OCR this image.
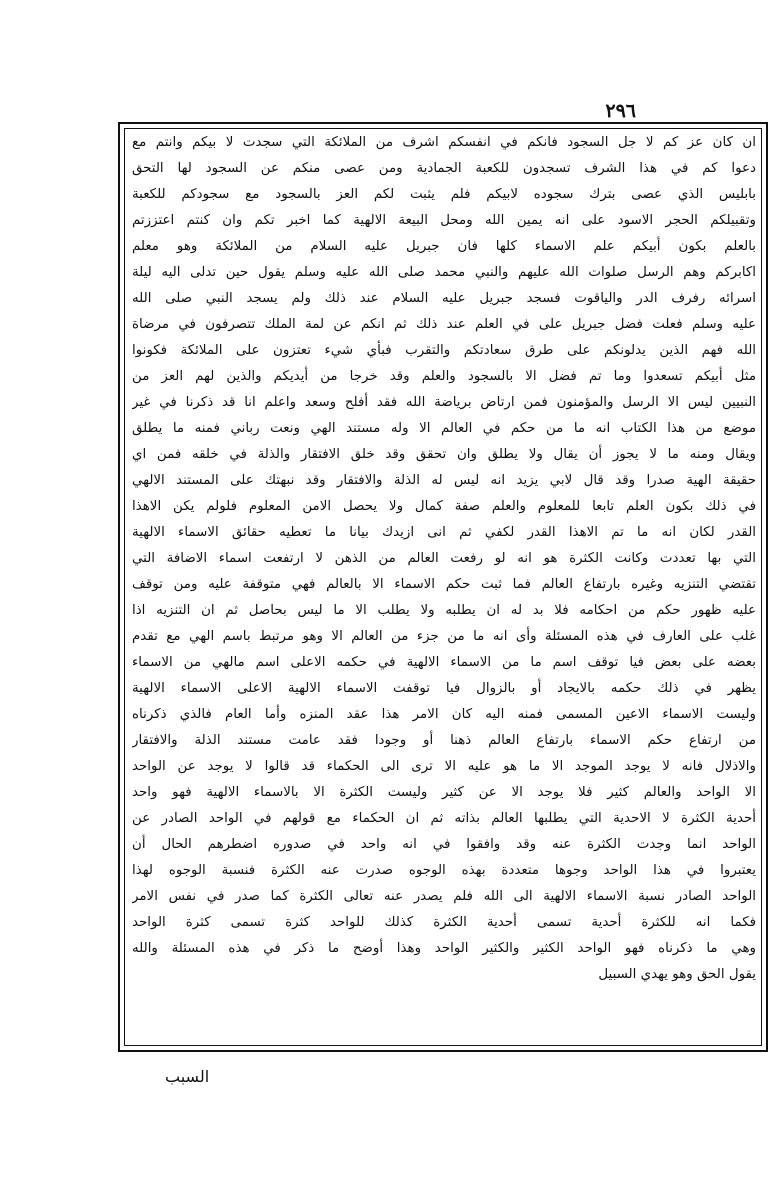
٢٩٦
ان كان عز كم لا جل السجود فانكم في انفسكم اشرف من الملائكة التي سجدت لا بيكم وانتم مع
دعوا كم في هذا الشرف تسجدون للكعبة الجمادية ومن عصى منكم عن السجود لها التحق
بابليس الذي عصى بترك سجوده لابيكم فلم يثبت لكم العز بالسجود مع سجودكم للكعبة
وتقبيلكم الحجر الاسود على انه يمين الله ومحل البيعة الالهية كما اخبر تكم وان كنتم اعتززتم
بالعلم بكون أبيكم علم الاسماء كلها فان جبريل عليه السلام من الملائكة وهو معلم
اكابركم وهم الرسل صلوات الله عليهم والنبي محمد صلى الله عليه وسلم يقول حين تدلى اليه ليلة
اسرائه رفرف الدر والياقوت فسجد جبريل عليه السلام عند ذلك ولم يسجد النبي صلى الله
عليه وسلم فعلت فضل جبريل على في العلم عند ذلك ثم انكم عن لمة الملك تتصرفون في مرضاة
الله فهم الذين يدلونكم على طرق سعادتكم والتقرب فبأي شيء تعتزون على الملائكة فكونوا
مثل أبيكم تسعدوا وما تم فضل الا بالسجود والعلم وقد خرجا من أيديكم والذين لهم العز من
النبيين ليس الا الرسل والمؤمنون فمن ارتاض برياضة الله فقد أفلح وسعد واعلم انا قد ذكرنا في غير
موضع من هذا الكتاب انه ما من حكم في العالم الا وله مستند الهي ونعت رباني فمنه ما يطلق
ويقال ومنه ما لا يجوز أن يقال ولا يطلق وان تحقق وقد خلق الافتقار والذلة في خلقه فمن اي
حقيقة الهية صدرا وقد قال لابي يزيد انه ليس له الذلة والافتقار وقد نبهتك على المستند الالهي
في ذلك بكون العلم تابعا للمعلوم والعلم صفة كمال ولا يحصل الامن المعلوم فلولم يكن الاهذا
القدر لكان انه ما تم الاهذا القدر لكفي ثم انى ازيدك بيانا ما تعطيه حقائق الاسماء الالهية
التي بها تعددت وكانت الكثرة هو انه لو رفعت العالم من الذهن لا ارتفعت اسماء الاضافة التي
تقتضي التنزيه وغيره بارتفاع العالم فما ثبت حكم الاسماء الا بالعالم فهي متوقفة عليه ومن توقف
عليه ظهور حكم من احكامه فلا بد له ان يطلبه ولا يطلب الا ما ليس بحاصل ثم ان التنزيه اذا
غلب على العارف في هذه المسئلة وأى انه ما من جزء من العالم الا وهو مرتبط باسم الهي مع تقدم
بعضه على بعض فيا توقف اسم ما من الاسماء الالهية في حكمه الاعلى اسم مالهي من الاسماء
يظهر في ذلك حكمه بالايجاد أو بالزوال فيا توقفت الاسماء الالهية الاعلى الاسماء الالهية
وليست الاسماء الاعين المسمى فمنه اليه كان الامر هذا عقد المنزه وأما العام فالذي ذكرناه
من ارتفاع حكم الاسماء بارتفاع العالم ذهنا أو وجودا فقد عامت مستند الذلة والافتقار
والاذلال فانه لا يوجد الموجد الا ما هو عليه الا ترى الى الحكماء قد قالوا لا يوجد عن الواحد
الا الواحد والعالم كثير فلا يوجد الا عن كثير وليست الكثرة الا بالاسماء الالهية فهو واحد
أحدية الكثرة لا الاحدية التي يطلبها العالم بذاته ثم ان الحكماء مع قولهم في الواحد الصادر عن
الواحد انما وجدت الكثرة عنه وقد وافقوا في انه واحد في صدوره اضطرهم الحال أن
يعتبروا في هذا الواحد وجوها متعددة بهذه الوجوه صدرت عنه الكثرة فنسبة الوجوه لهذا
الواحد الصادر نسبة الاسماء الالهية الى الله فلم يصدر عنه تعالى الكثرة كما صدر في نفس الامر
فكما انه للكثرة أحدية تسمى أحدية الكثرة كذلك للواحد كثرة تسمى كثرة الواحد
وهي ما ذكرناه فهو الواحد الكثير والكثير الواحد وهذا أوضح ما ذكر في هذه المسئلة والله
يقول الحق وهو يهدي السبيل
السبب
